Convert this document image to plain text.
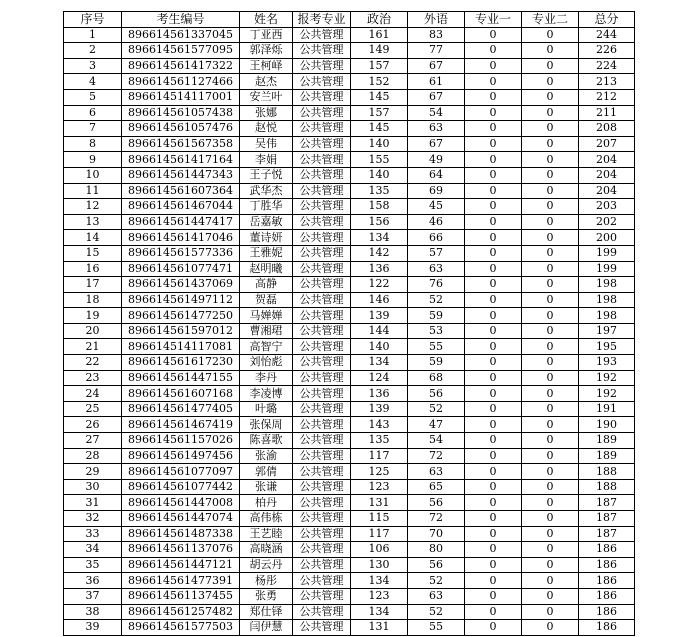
序号	考生编号	姓名	报考专业	政治	外语	专业一	专业二	总分
1	896614561337045	丁亚西	公共管理	161	83	0	0	244
2	896614561577095	郭泽烁	公共管理	149	77	0	0	226
3	896614561417322	王柯峄	公共管理	157	67	0	0	224
4	896614561127466	赵杰	公共管理	152	61	0	0	213
5	896614514117001	安兰叶	公共管理	145	67	0	0	212
6	896614561057438	张娜	公共管理	157	54	0	0	211
7	896614561057476	赵悦	公共管理	145	63	0	0	208
8	896614561567358	吴伟	公共管理	140	67	0	0	207
9	896614561417164	李娟	公共管理	155	49	0	0	204
10	896614561447343	王子悦	公共管理	140	64	0	0	204
11	896614561607364	武华杰	公共管理	135	69	0	0	204
12	896614561467044	丁胜华	公共管理	158	45	0	0	203
13	896614561447417	岳嘉敏	公共管理	156	46	0	0	202
14	896614561417046	董诗妍	公共管理	134	66	0	0	200
15	896614561577336	王雅妮	公共管理	142	57	0	0	199
16	896614561077471	赵明曦	公共管理	136	63	0	0	199
17	896614561437069	高静	公共管理	122	76	0	0	198
18	896614561497112	贺磊	公共管理	146	52	0	0	198
19	896614561477250	马婵婵	公共管理	139	59	0	0	198
20	896614561597012	曹湘珺	公共管理	144	53	0	0	197
21	896614514117081	高智宁	公共管理	140	55	0	0	195
22	896614561617230	刘怡彪	公共管理	134	59	0	0	193
23	896614561447155	李丹	公共管理	124	68	0	0	192
24	896614561607168	李凌博	公共管理	136	56	0	0	192
25	896614561477405	叶璐	公共管理	139	52	0	0	191
26	896614561467419	张保周	公共管理	143	47	0	0	190
27	896614561157026	陈喜歌	公共管理	135	54	0	0	189
28	896614561497456	张渝	公共管理	117	72	0	0	189
29	896614561077097	郭倩	公共管理	125	63	0	0	188
30	896614561077442	张谦	公共管理	123	65	0	0	188
31	896614561447008	柏丹	公共管理	131	56	0	0	187
32	896614561447074	高伟栋	公共管理	115	72	0	0	187
33	896614561487338	王艺睦	公共管理	117	70	0	0	187
34	896614561137076	高晓涵	公共管理	106	80	0	0	186
35	896614561447121	胡云丹	公共管理	130	56	0	0	186
36	896614561477391	杨彤	公共管理	134	52	0	0	186
37	896614561137455	张勇	公共管理	123	63	0	0	186
38	896614561257482	郑仕铎	公共管理	134	52	0	0	186
39	896614561577503	闫伊慧	公共管理	131	55	0	0	186
